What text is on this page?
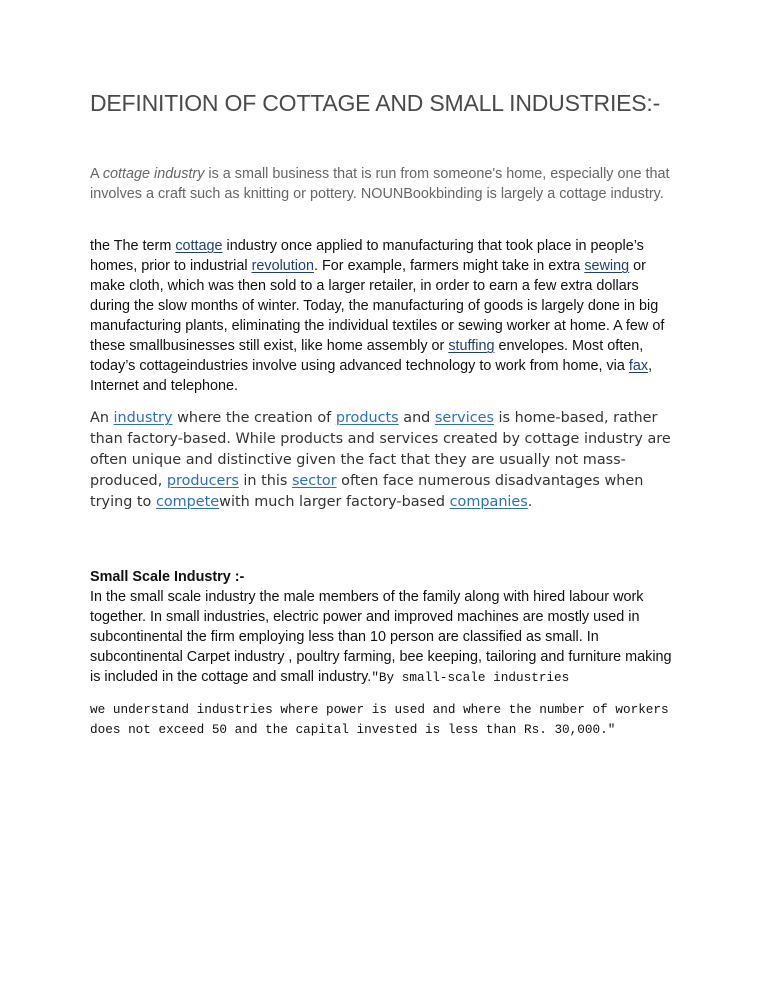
DEFINITION OF COTTAGE AND SMALL INDUSTRIES:-

A cottage industry is a small business that is run from someone's home, especially one that involves a craft such as knitting or pottery. NOUNBookbinding is largely a cottage industry.

the The term cottage industry once applied to manufacturing that took place in people’s homes, prior to industrial revolution. For example, farmers might take in extra sewing or make cloth, which was then sold to a larger retailer, in order to earn a few extra dollars during the slow months of winter. Today, the manufacturing of goods is largely done in big manufacturing plants, eliminating the individual textiles or sewing worker at home. A few of these smallbusinesses still exist, like home assembly or stuffing envelopes. Most often, today’s cottageindustries involve using advanced technology to work from home, via fax, Internet and telephone.

An industry where the creation of products and services is home-based, rather than factory-based. While products and services created by cottage industry are often unique and distinctive given the fact that they are usually not mass-produced, producers in this sector often face numerous disadvantages when trying to competewith much larger factory-based companies.

Small Scale Industry :-

In the small scale industry the male members of the family along with hired labour work together. In small industries, electric power and improved machines are mostly used in subcontinental the firm employing less than 10 person are classified as small. In subcontinental Carpet industry , poultry farming, bee keeping, tailoring and furniture making is included in the cottage and small industry."By small-scale industries

we understand industries where power is used and where the number of workers does not exceed 50 and the capital invested is less than Rs. 30,000."
